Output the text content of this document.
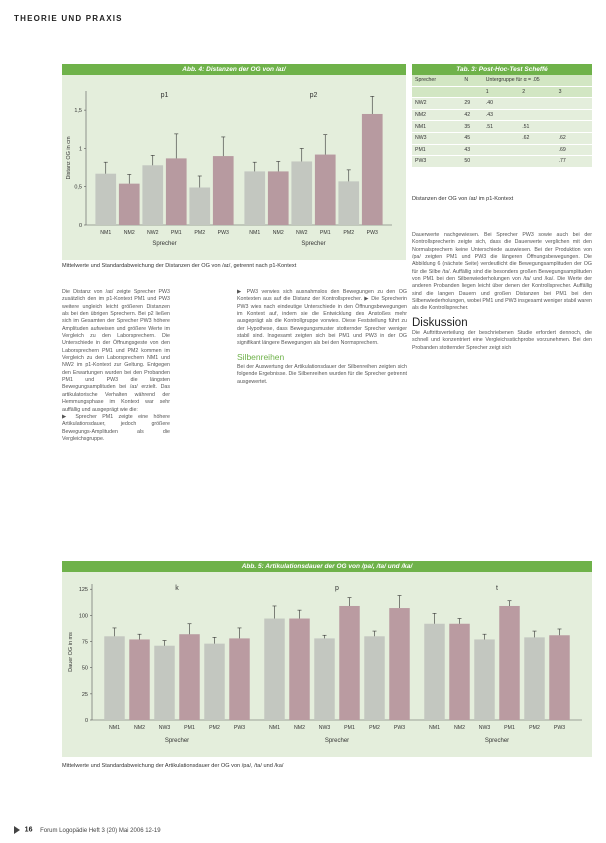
THEORIE UND PRAXIS
Abb. 4: Distanzen der OG von /aɪ/
0
0,5
1
1,5
Distanz OG in cm
p1
Sprecher
NM1 NM2 NW2 PM1 PM2 PW3
p2
Sprecher
NM1 NM2 NW2 PM1 PM2 PW3
Mittelwerte und Standardabweichung der Distanzen der OG von /aɪ/, getrennt nach p1-Kontext
Tab. 3: Post-Hoc-Test Scheffé
Sprecher	N	Untergruppe für α = .05		
		1	2	3
NW2	29	.40		
NM2	42	.43		
NM1	35	.51	.51	
NW3	45		.62	.62
PM1	43			.69
PW3	50			.77
Distanzen der OG von /aɪ/ im p1-Kontext

Die Distanz von /aɪ/ zeigte Sprecher PW3 zusätzlich den im p1-Kontext PM1 und PW3 weitere ungleich leicht größeren Distanzen als bei den übrigen Sprechern. Bei p2 ließen sich im Gesamten der Sprecher PW3 höhere Amplituden aufweisen und größere Werte im Vergleich zu den Laborsprechern. Die Unterschiede in der Öffnungsgeste von den Laborsprechern PM1 und PM2 kommen im Vergleich zu den Laborsprechern NM1 und NW2 im p1-Kontext zur Geltung. Entgegen den Erwartungen wurden bei den Probanden PM1 und PW3 die längsten Bewegungsamplituden bei /aɪ/ erzielt. Das artikulatorische Verhalten während der Hemmungsphase im Kontext war sehr auffällig und ausgeprägt wie die:

▶ Sprecher PM1 zeigte eine höhere Artikulationsdauer, jedoch größere Bewegungs-Amplituden als die Vergleichsgruppe.

▶ PW3 verwies sich ausnahmslos den Bewegungen zu den OG Kontexten aus auf die Distanz der Kontrollsprecher. ▶ Die Sprecherin PW3 wies nach eindeutige Unterschiede in den Öffnungsbewegungen im Kontext auf, indem sie die Entwicklung des Anstoßes mehr ausgeprägt als die Kontrollgruppe vorwies. Diese Feststellung führt zu der Hypothese, dass Bewegungsmuster stotternder Sprecher weniger stabil sind. Insgesamt zeigten sich bei PM1 und PW3 in der OG signifikant längere Bewegungen als bei den Normsprechern.

Silbenreihen

Bei der Auswertung der Artikulationsdauer der Silbenreihen zeigten sich folgende Ergebnisse. Die Silbenreihen wurden für die Sprecher getrennt ausgewertet.

Dauerwerte nachgewiesen. Bei Sprecher PW3 sowie auch bei der Kontrollsprecherin zeigte sich, dass die Dauerwerte verglichen mit den Normalsprechern keine Unterschiede auswiesen. Bei der Produktion von /pa/ zeigten PM1 und PW3 die längeren Öffnungsbewegungen. Die Abbildung 6 (nächste Seite) verdeutlicht die Bewegungsamplituden der OG für die Silbe /ta/. Auffällig sind die besonders großen Bewegungsamplituden von PM1 bei den Silbenwiederholungen von /ta/ und /ka/. Die Werte der anderen Probanden liegen leicht über denen der Kontrollsprecher. Auffällig sind die langen Dauern und großen Distanzen bei PM1 bei den Silbenwiederholungen, wobei PM1 und PW3 insgesamt weniger stabil waren als die Kontrollsprecher.

Diskussion

Die Auftrittsverteilung der beschriebenen Studie erfordert dennoch, die schnell und konzentriert eine Vergleichsstichprobe vorzunehmen. Bei den Probanden stotternder Sprecher zeigt sich

Abb. 5: Artikulationsdauer der OG von /pa/, /ta/ und /ka/
0
25
50
75
100
125
Dauer OG in ms
k
Sprecher
NM1	NM2	NW3	PM1	PM2	PW3
p
Sprecher
NM1	NM2	NW3	PM1	PM2	PW3
t
Sprecher
NM1	NM2	NW3	PM1	PM2	PW3
Mittelwerte und Standardabweichung der Artikulationsdauer der OG von /pa/, /ta/ und /ka/
16 Forum Logopädie Heft 3 (20) Mai 2006 12-19
